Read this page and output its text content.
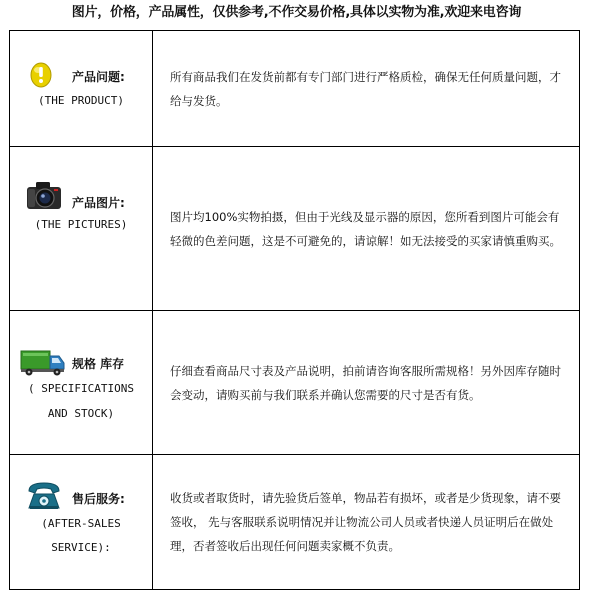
图片，价格，产品属性，仅供参考,不作交易价格,具体以实物为准,欢迎来电咨询
产品问题:
(THE PRODUCT)

所有商品我们在发货前都有专门部门进行严格质检，确保无任何质量问题，才给与发货。

产品图片:
(THE PICTURES)

图片均100%实物拍摄，但由于光线及显示器的原因，您所看到图片可能会有轻微的色差问题，这是不可避免的，请谅解！如无法接受的买家请慎重购买。

规格 库存
( SPECIFICATIONS
AND STOCK)

仔细查看商品尺寸表及产品说明，拍前请咨询客服所需规格！另外因库存随时会变动，请购买前与我们联系并确认您需要的尺寸是否有货。

售后服务:
(AFTER-SALES
SERVICE):

收货或者取货时，请先验货后签单，物品若有损坏，或者是少货现象，请不要签收， 先与客服联系说明情况并让物流公司人员或者快递人员证明后在做处理，否者签收后出现任何问题卖家概不负责。
